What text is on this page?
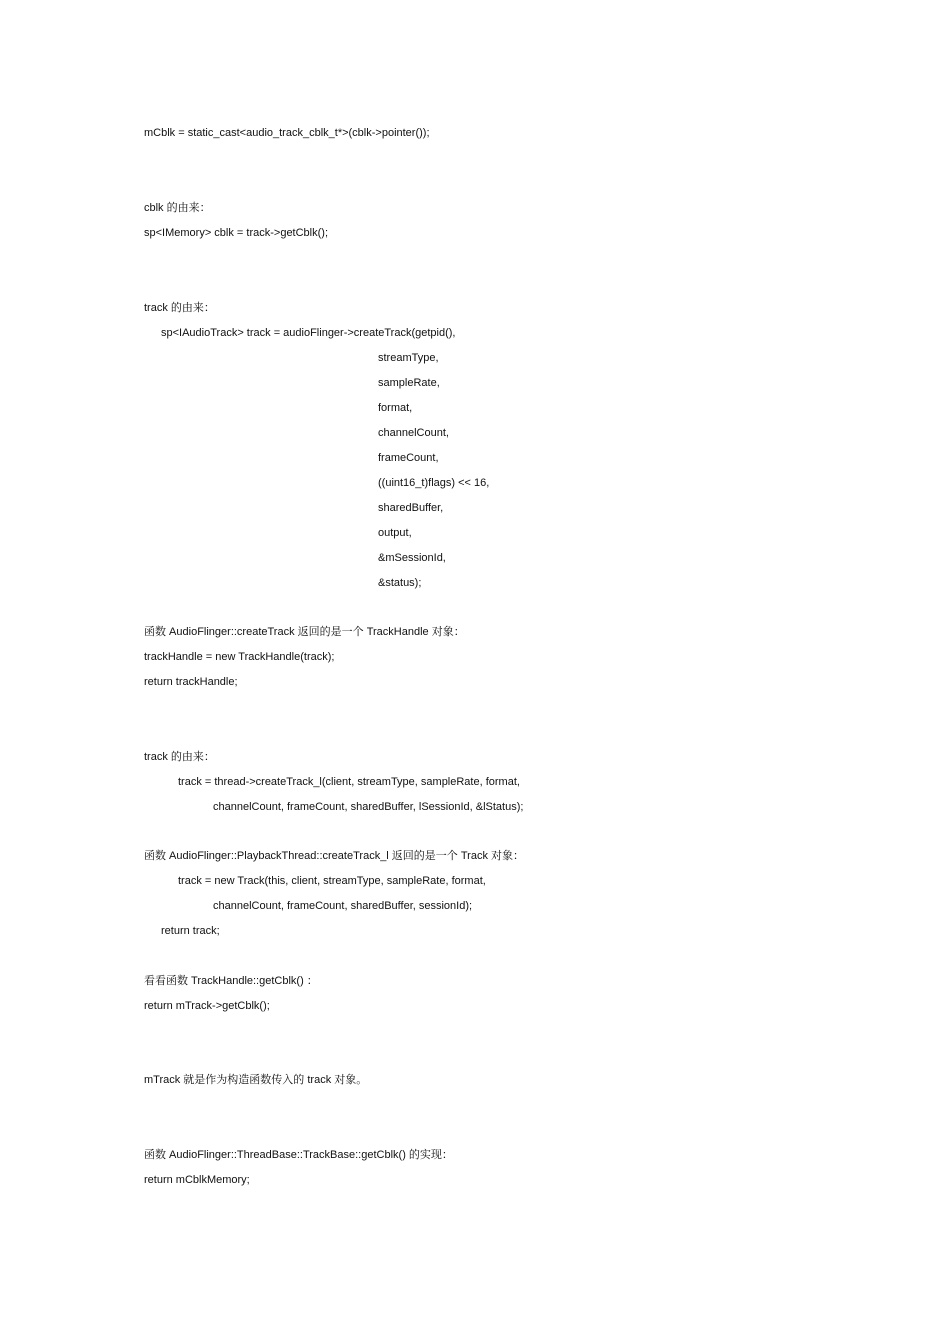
mCblk = static_cast<audio_track_cblk_t*>(cblk->pointer());
cblk 的由来：
sp<IMemory> cblk = track->getCblk();
track 的由来：
sp<IAudioTrack> track = audioFlinger->createTrack(getpid(),
streamType,
sampleRate,
format,
channelCount,
frameCount,
((uint16_t)flags) << 16,
sharedBuffer,
output,
&mSessionId,
&status);
函数 AudioFlinger::createTrack 返回的是一个 TrackHandle 对象：
trackHandle = new TrackHandle(track);
return trackHandle;
track 的由来：
track = thread->createTrack_l(client, streamType, sampleRate, format,
channelCount, frameCount, sharedBuffer, lSessionId, &lStatus);
函数 AudioFlinger::PlaybackThread::createTrack_l 返回的是一个 Track 对象：
track = new Track(this, client, streamType, sampleRate, format,
channelCount, frameCount, sharedBuffer, sessionId);
return track;
看看函数 TrackHandle::getCblk() ：
return mTrack->getCblk();
mTrack 就是作为构造函数传入的 track 对象。
函数 AudioFlinger::ThreadBase::TrackBase::getCblk() 的实现：
return mCblkMemory;
